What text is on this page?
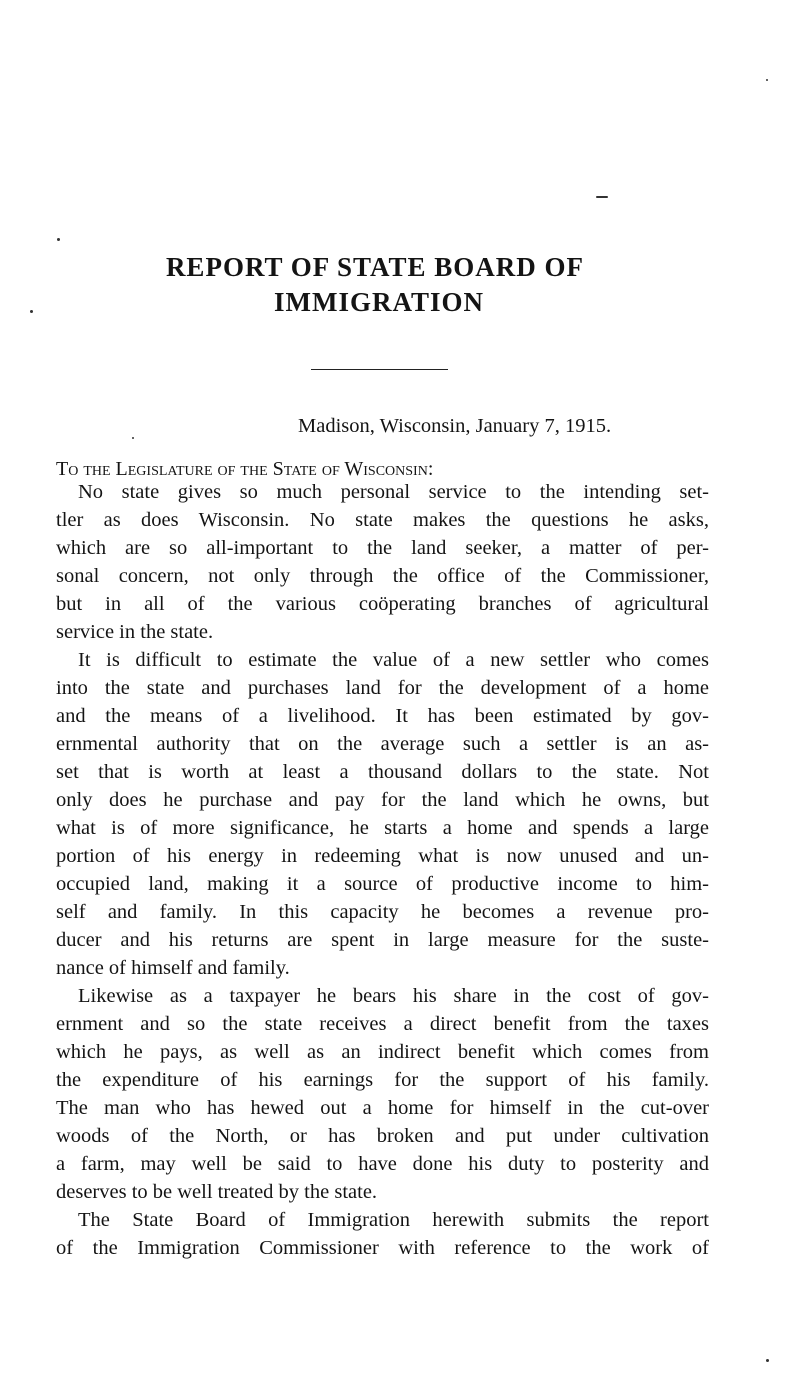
REPORT OF STATE BOARD OF
IMMIGRATION
Madison, Wisconsin, January 7, 1915.
To the Legislature of the State of Wisconsin:
No state gives so much personal service to the intending set-
tler as does Wisconsin. No state makes the questions he asks,
which are so all-important to the land seeker, a matter of per-
sonal concern, not only through the office of the Commissioner,
but in all of the various coöperating branches of agricultural
service in the state.
It is difficult to estimate the value of a new settler who comes
into the state and purchases land for the development of a home
and the means of a livelihood. It has been estimated by gov-
ernmental authority that on the average such a settler is an as-
set that is worth at least a thousand dollars to the state. Not
only does he purchase and pay for the land which he owns, but
what is of more significance, he starts a home and spends a large
portion of his energy in redeeming what is now unused and un-
occupied land, making it a source of productive income to him-
self and family. In this capacity he becomes a revenue pro-
ducer and his returns are spent in large measure for the suste-
nance of himself and family.
Likewise as a taxpayer he bears his share in the cost of gov-
ernment and so the state receives a direct benefit from the taxes
which he pays, as well as an indirect benefit which comes from
the expenditure of his earnings for the support of his family.
The man who has hewed out a home for himself in the cut-over
woods of the North, or has broken and put under cultivation
a farm, may well be said to have done his duty to posterity and
deserves to be well treated by the state.
The State Board of Immigration herewith submits the report
of the Immigration Commissioner with reference to the work of
